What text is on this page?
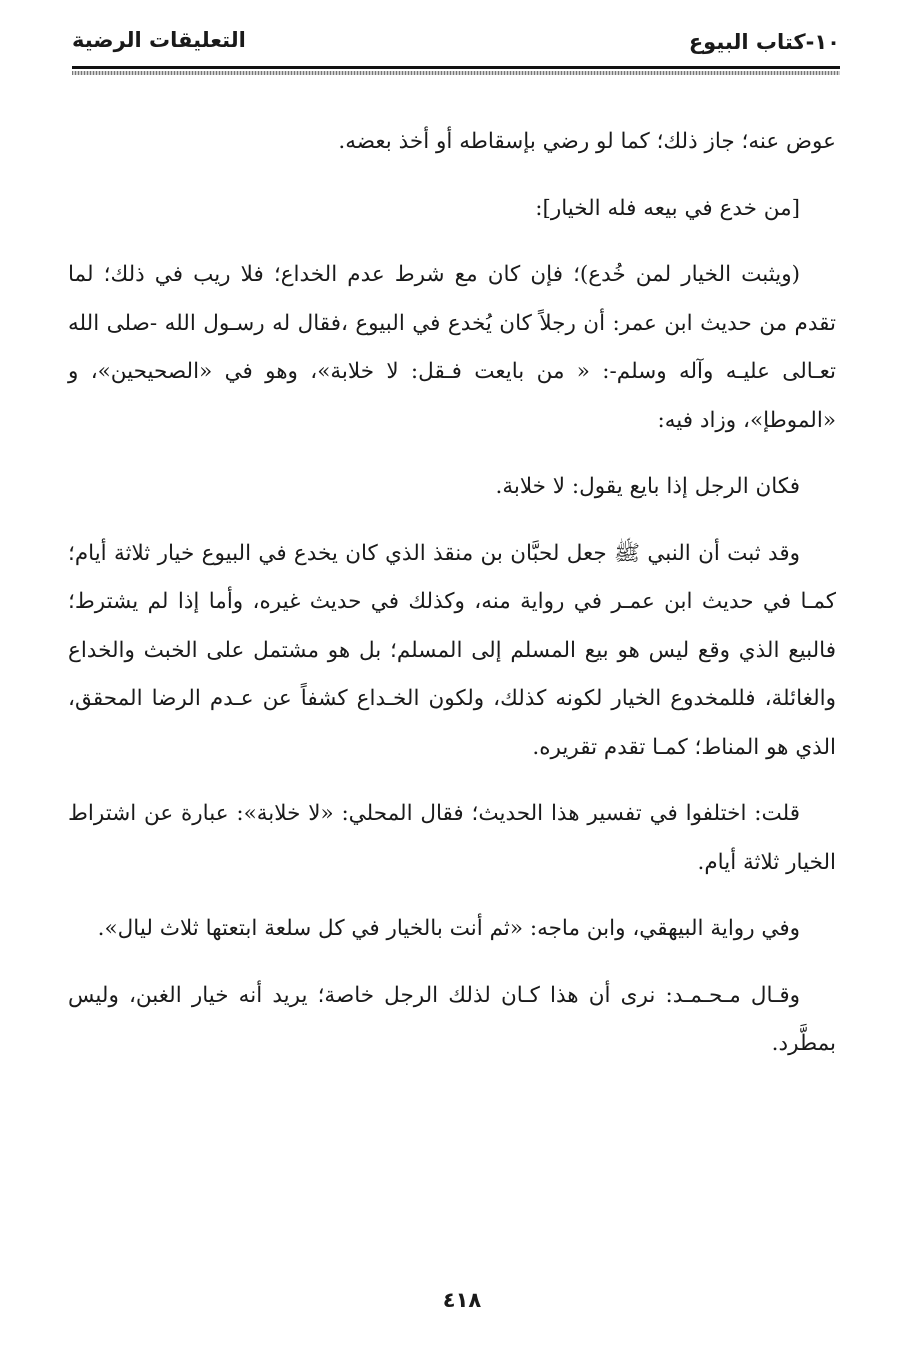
١٠-كتاب البيوع
التعليقات الرضية

عوض عنه؛ جاز ذلك؛ كما لو رضي بإسقاطه أو أخذ بعضه.

[من خدع في بيعه فله الخيار]:

(ويثبت الخيار لمن خُدع)؛ فإن كان مع شرط عدم الخداع؛ فلا ريب في ذلك؛ لما تقدم من حديث ابن عمر: أن رجلاً كان يُخدع في البيوع ،فقال له رسـول الله -صلى الله تعـالى عليـه وآله وسلم-: « من بايعت فـقل: لا خلابة»، وهو في «الصحيحين»، و «الموطإ»، وزاد فيه:

فكان الرجل إذا بايع يقول: لا خلابة.

وقد ثبت أن النبي ﷺ جعل لحبَّان بن منقذ الذي كان يخدع في البيوع خيار ثلاثة أيام؛ كمـا في حديث ابن عمـر في رواية منه، وكذلك في حديث غيره، وأما إذا لم يشترط؛ فالبيع الذي وقع ليس هو بيع المسلم إلى المسلم؛ بل هو مشتمل على الخبث والخداع والغائلة، فللمخدوع الخيار لكونه كذلك، ولكون الخـداع كشفاً عن عـدم الرضا المحقق، الذي هو المناط؛ كمـا تقدم تقريره.

قلت: اختلفوا في تفسير هذا الحديث؛ فقال المحلي: «لا خلابة»: عبارة عن اشتراط الخيار ثلاثة أيام.

وفي رواية البيهقي، وابن ماجه: «ثم أنت بالخيار في كل سلعة ابتعتها ثلاث ليال».

وقـال مـحـمـد: نرى أن هذا كـان لذلك الرجل خاصة؛ يريد أنه خيار الغبن، وليس بمطَّرد.

٤١٨
